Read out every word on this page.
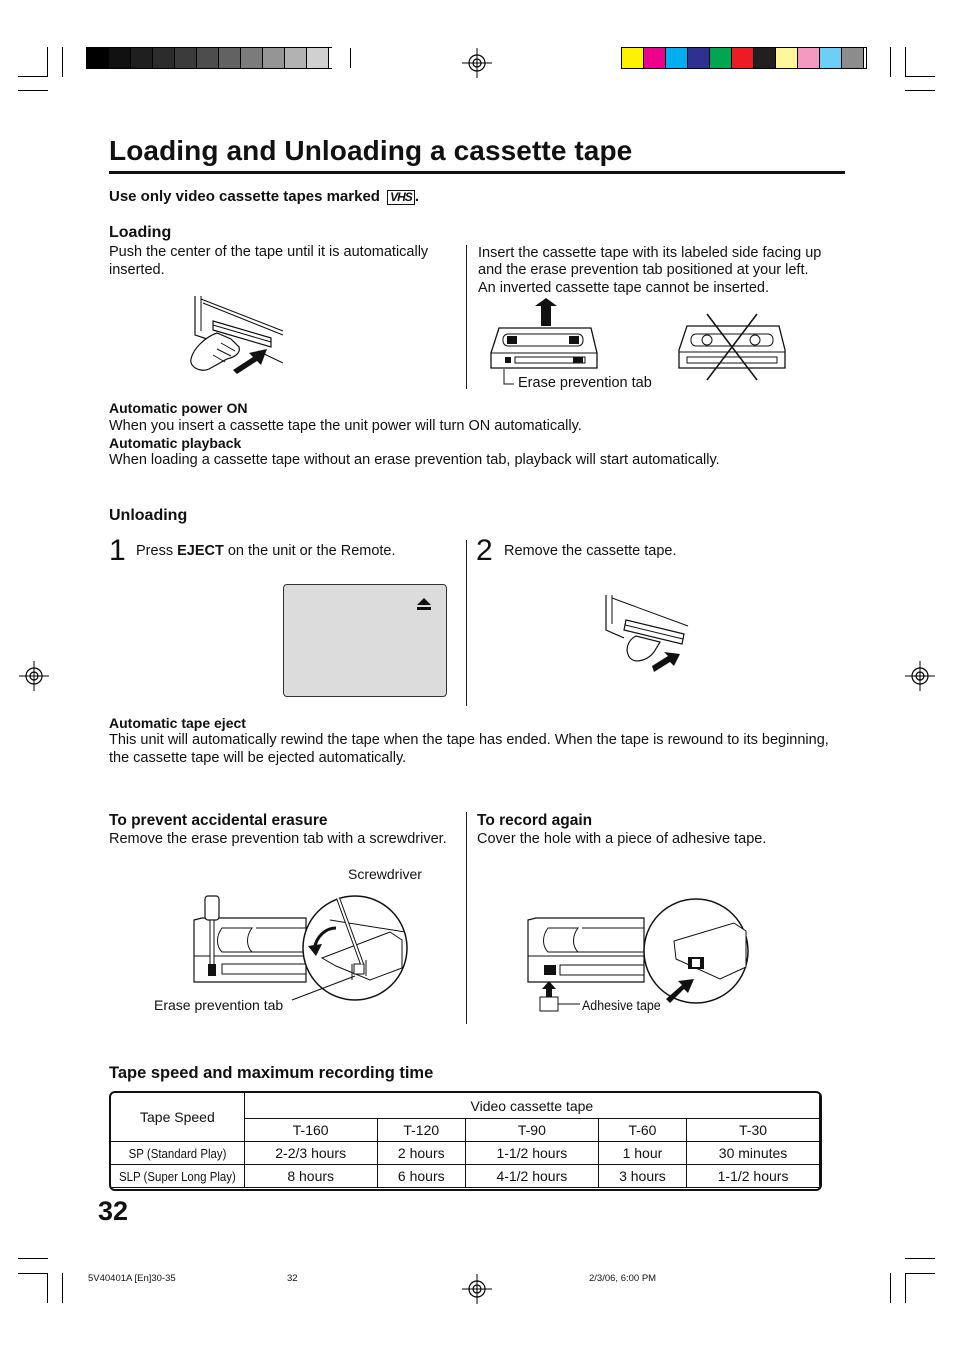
Loading and Unloading a cassette tape
Use only video cassette tapes marked VHS .
Loading
Push the center of the tape until it is automatically inserted.
Insert the cassette tape with its labeled side facing up
and the erase prevention tab positioned at your left.
An inverted cassette tape cannot be inserted.
Erase prevention tab
Automatic power ON
When you insert a cassette tape the unit power will turn ON automatically.
Automatic playback
When loading a cassette tape without an erase prevention tab, playback will start automatically.
Unloading
1 Press EJECT on the unit or the Remote.	2 Remove the cassette tape.
Automatic tape eject
This unit will automatically rewind the tape when the tape has ended. When the tape is rewound to its beginning,
the cassette tape will be ejected automatically.
To prevent accidental erasure
Remove the erase prevention tab with a screwdriver.
To record again
Cover the hole with a piece of adhesive tape.
Screwdriver
Erase prevention tab	Adhesive tape
Tape speed and maximum recording time
Tape Speed	Video cassette tape				
	T-160	T-120	T-90	T-60	T-30
SP (Standard Play)	2-2/3 hours	2 hours	1-1/2 hours	1 hour	30 minutes
SLP (Super Long Play)	8 hours	6 hours	4-1/2 hours	3 hours	1-1/2 hours
32
5V40401A [En]30-35	32	2/3/06, 6:00 PM
